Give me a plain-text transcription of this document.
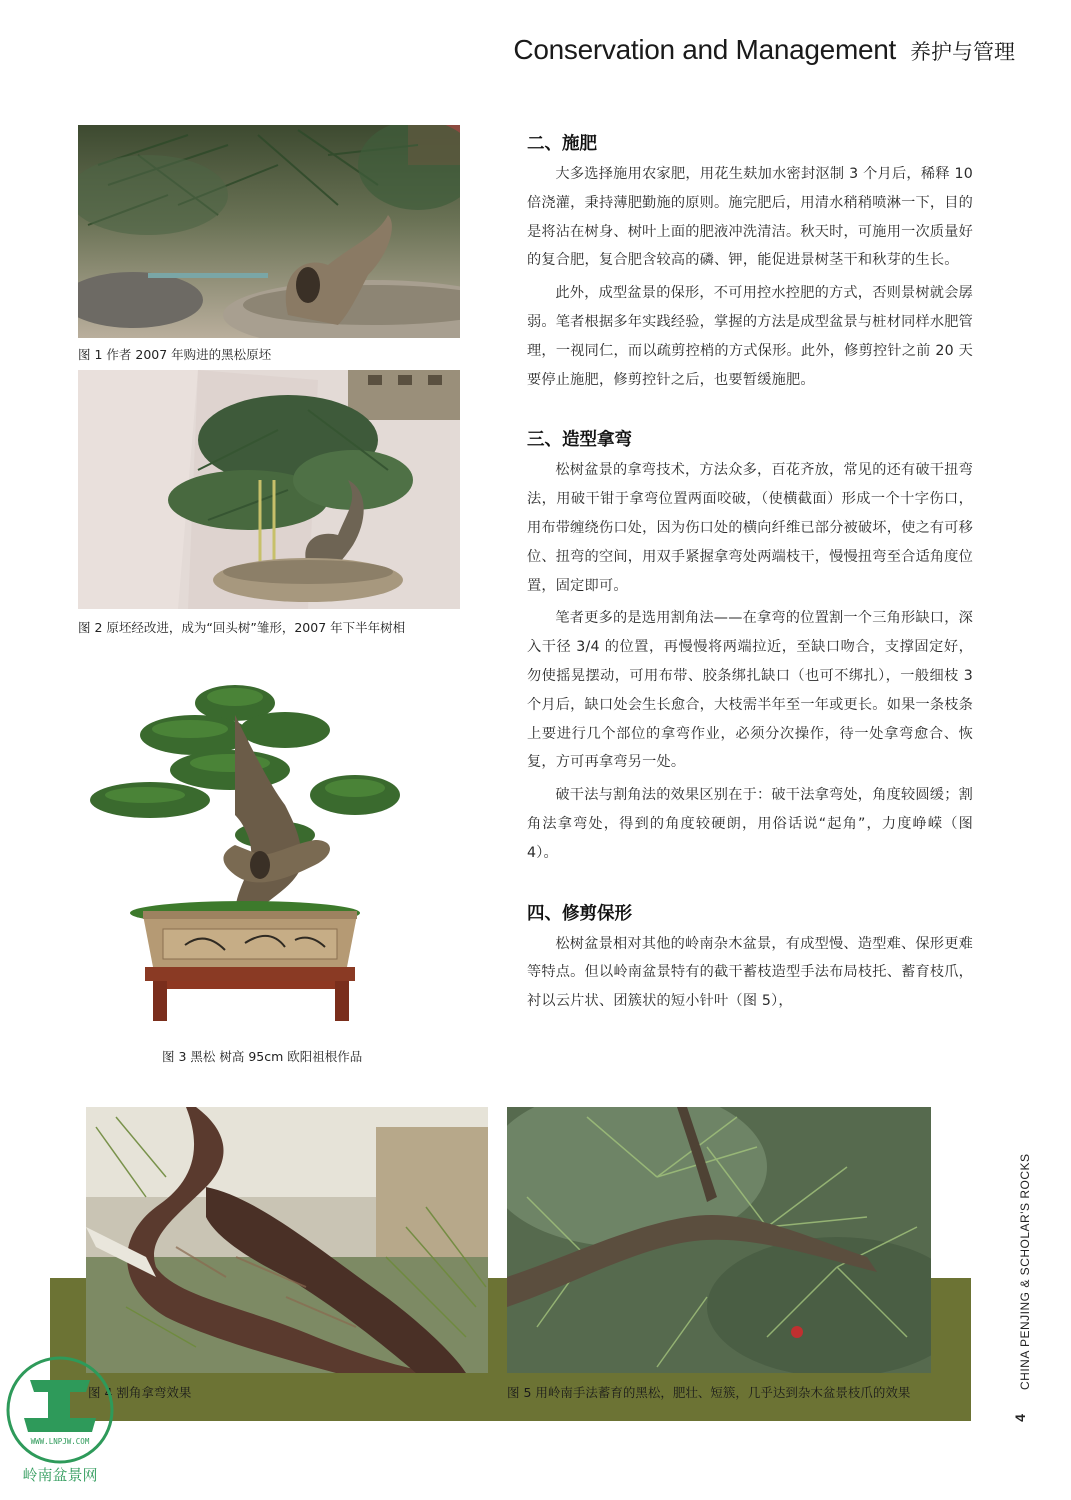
Conservation and Management 养护与管理
图 1 作者 2007 年购进的黑松原坯
图 2 原坯经改进，成为“回头树”雏形，2007 年下半年树相
图 3 黑松 树高 95cm 欧阳祖根作品
二、施肥

大多选择施用农家肥，用花生麸加水密封沤制 3 个月后，稀释 10 倍浇灌，秉持薄肥勤施的原则。施完肥后，用清水稍稍喷淋一下，目的是将沾在树身、树叶上面的肥液冲洗清洁。秋天时，可施用一次质量好的复合肥，复合肥含较高的磷、钾，能促进景树茎干和秋芽的生长。

此外，成型盆景的保形，不可用控水控肥的方式，否则景树就会孱弱。笔者根据多年实践经验，掌握的方法是成型盆景与桩材同样水肥管理，一视同仁，而以疏剪控梢的方式保形。此外，修剪控针之前 20 天要停止施肥，修剪控针之后，也要暂缓施肥。

三、造型拿弯

松树盆景的拿弯技术，方法众多，百花齐放，常见的还有破干扭弯法，用破干钳于拿弯位置两面咬破，（使横截面）形成一个十字伤口，用布带缠绕伤口处，因为伤口处的横向纤维已部分被破坏，使之有可移位、扭弯的空间，用双手紧握拿弯处两端枝干，慢慢扭弯至合适角度位置，固定即可。

笔者更多的是选用割角法——在拿弯的位置割一个三角形缺口，深入干径 3/4 的位置，再慢慢将两端拉近，至缺口吻合，支撑固定好，勿使摇晃摆动，可用布带、胶条绑扎缺口（也可不绑扎），一般细枝 3 个月后，缺口处会生长愈合，大枝需半年至一年或更长。如果一条枝条上要进行几个部位的拿弯作业，必须分次操作，待一处拿弯愈合、恢复，方可再拿弯另一处。

破干法与割角法的效果区别在于：破干法拿弯处，角度较圆缓；割角法拿弯处，得到的角度较硬朗，用俗话说“起角”，力度峥嵘（图 4）。

四、修剪保形

松树盆景相对其他的岭南杂木盆景，有成型慢、造型难、保形更难等特点。但以岭南盆景特有的截干蓄枝造型手法布局枝托、蓄育枝爪，衬以云片状、团簇状的短小针叶（图 5），

图 4 割角拿弯效果	图 5 用岭南手法蓄育的黑松，肥壮、短簇，几乎达到杂木盆景枝爪的效果
CHINA PENJING & SCHOLAR'S ROCKS
4
WWW.LNPJW.COM
岭南盆景网
